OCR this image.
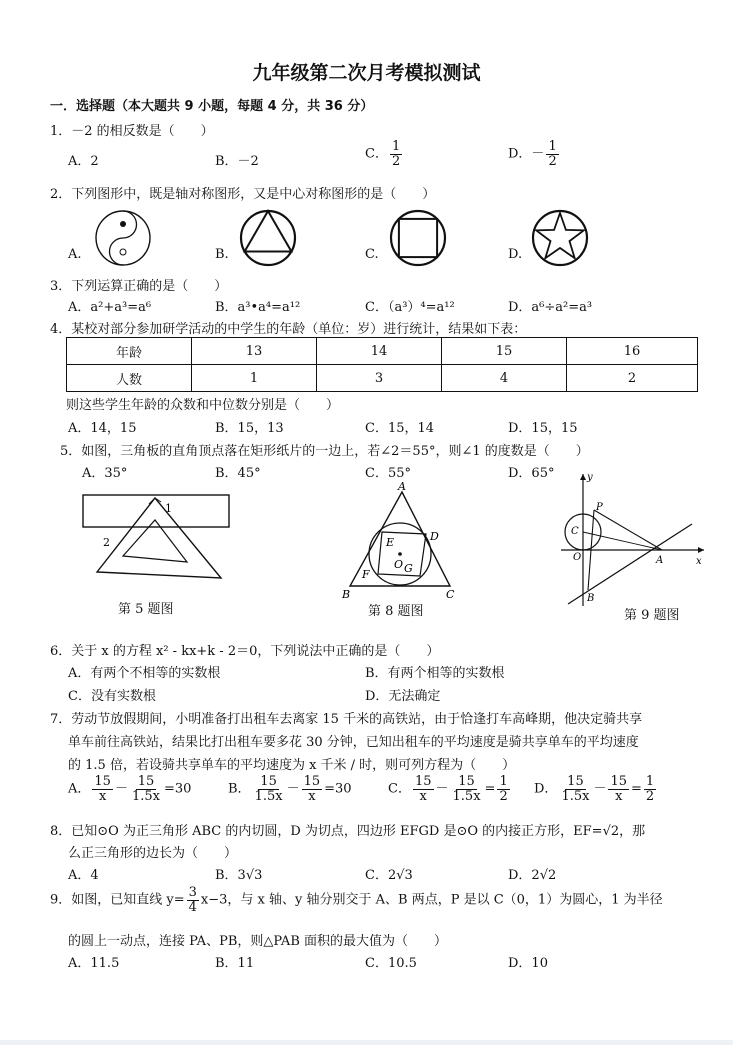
九年级第二次月考模拟测试
一．选择题（本大题共 9 小题，每题 4 分，共 36 分）
1．－2 的相反数是（　　）
A．2	B．－2	C． $\frac{1}{2}$	D．－ $\frac{1}{2}$
2．下列图形中，既是轴对称图形，又是中心对称图形的是（　　）
A.	B.	C.	D.
3．下列运算正确的是（　　）
A．a²+a³=a⁶	B．a³•a⁴=a¹²	C．（a³）⁴=a¹²	D．a⁶÷a²=a³
4．某校对部分参加研学活动的中学生的年龄（单位：岁）进行统计，结果如下表：
年龄	13	14	15	16
人数	1	3	4	2
则这些学生年龄的众数和中位数分别是（　　）
A．14，15	B．15，13	C．15，14	D．15，15
5．如图，三角板的直角顶点落在矩形纸片的一边上，若∠2＝55°，则∠1 的度数是（　　）
A．35°	B．45°	C．55°	D．65°
1
2
第 5 题图
A
B	C
D
E
F
O G
第 8 题图
y
x
P
C
O	A
B
第 9 题图
6．关于 x 的方程 x² - kx+k - 2＝0，下列说法中正确的是（　　）
A．有两个不相等的实数根	B．有两个相等的实数根
C．没有实数根	D．无法确定
7．劳动节放假期间，小明准备打出租车去离家 15 千米的高铁站，由于恰逢打车高峰期，他决定骑共享
单车前往高铁站，结果比打出租车要多花 30 分钟，已知出租车的平均速度是骑共享单车的平均速度
的 1.5 倍，若设骑共享单车的平均速度为 x 千米 / 时，则可列方程为（　　）
A． $\frac{15}{x} - \frac{15}{1.5x} =30$	B． $\frac{15}{1.5x} - \frac{15}{x} =30$	C． $\frac{15}{x} - \frac{15}{1.5x} = \frac{1}{2}$ D． $\frac{15}{1.5x} - \frac{15}{x} = \frac{1}{2}$
8．已知⊙O 为正三角形 ABC 的内切圆，D 为切点，四边形 EFGD 是⊙O 的内接正方形，EF=√2，那
么正三角形的边长为（　　）
A．4	B．3√3	C．2√3	D．2√2
9．如图，已知直线 $y= \frac{3}{4} x-3$，与 x 轴、y 轴分别交于 A、B 两点，P 是以 C（0，1）为圆心，1 为半径
的圆上一动点，连接 PA、PB，则△PAB 面积的最大值为（　　）
A．11.5	B．11	C．10.5	D．10
